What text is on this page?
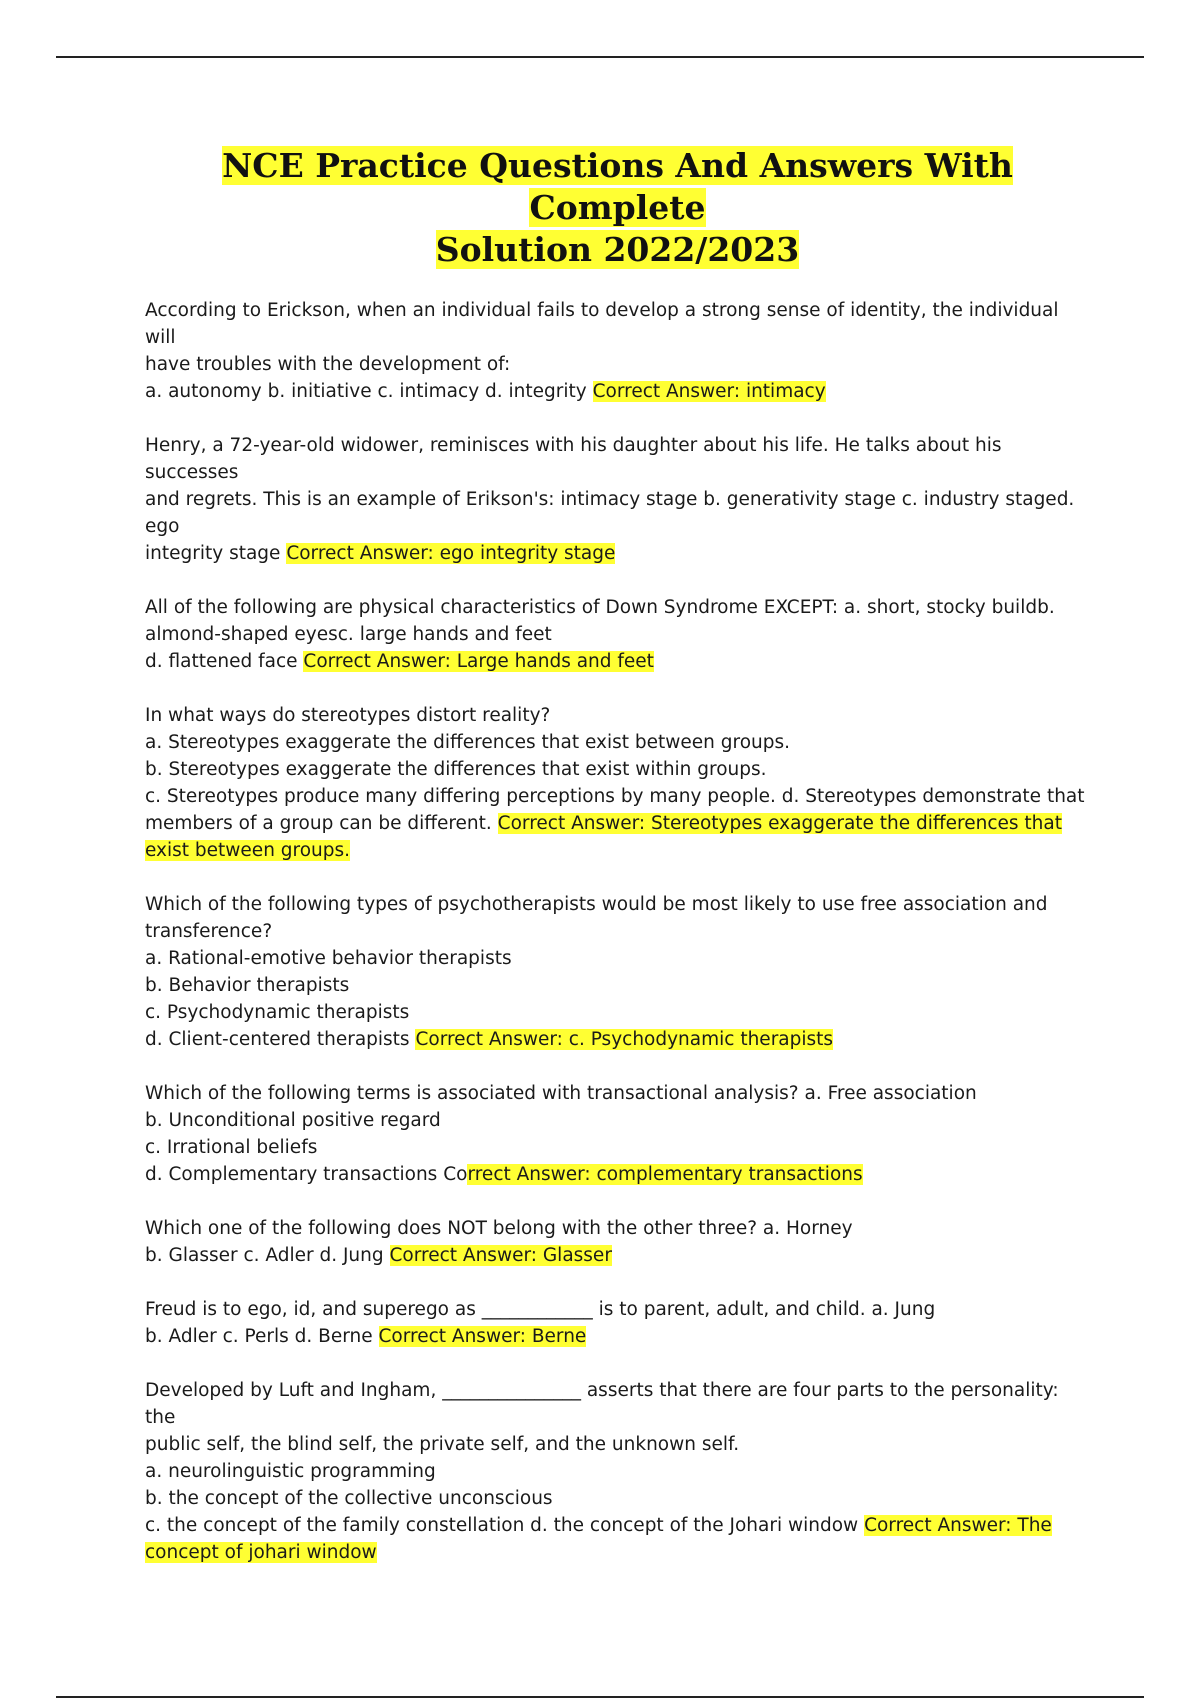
NCE Practice Questions And Answers With Complete
Solution 2022/2023
According to Erickson, when an individual fails to develop a strong sense of identity, the individual will
have troubles with the development of:
a. autonomy b. initiative c. intimacy d. integrity Correct Answer: intimacy
Henry, a 72-year-old widower, reminisces with his daughter about his life. He talks about his successes
and regrets. This is an example of Erikson's: intimacy stage b. generativity stage c. industry staged. ego
integrity stage Correct Answer: ego integrity stage
All of the following are physical characteristics of Down Syndrome EXCEPT: a. short, stocky buildb.
almond-shaped eyesc. large hands and feet
d. flattened face Correct Answer: Large hands and feet
In what ways do stereotypes distort reality?
a. Stereotypes exaggerate the differences that exist between groups.
b. Stereotypes exaggerate the differences that exist within groups.
c. Stereotypes produce many differing perceptions by many people. d. Stereotypes demonstrate that
members of a group can be different. Correct Answer: Stereotypes exaggerate the differences that exist between groups.
Which of the following types of psychotherapists would be most likely to use free association and
transference?
a. Rational-emotive behavior therapists
b. Behavior therapists
c. Psychodynamic therapists
d. Client-centered therapists Correct Answer: c. Psychodynamic therapists
Which of the following terms is associated with transactional analysis? a. Free association
b. Unconditional positive regard
c. Irrational beliefs
d. Complementary transactions Correct Answer: complementary transactions
Which one of the following does NOT belong with the other three? a. Horney
b. Glasser c. Adler d. Jung Correct Answer: Glasser
Freud is to ego, id, and superego as ____________ is to parent, adult, and child. a. Jung
b. Adler c. Perls d. Berne Correct Answer: Berne
Developed by Luft and Ingham, _______________ asserts that there are four parts to the personality: the
public self, the blind self, the private self, and the unknown self.
a. neurolinguistic programming
b. the concept of the collective unconscious
c. the concept of the family constellation d. the concept of the Johari window Correct Answer: The concept of johari window
